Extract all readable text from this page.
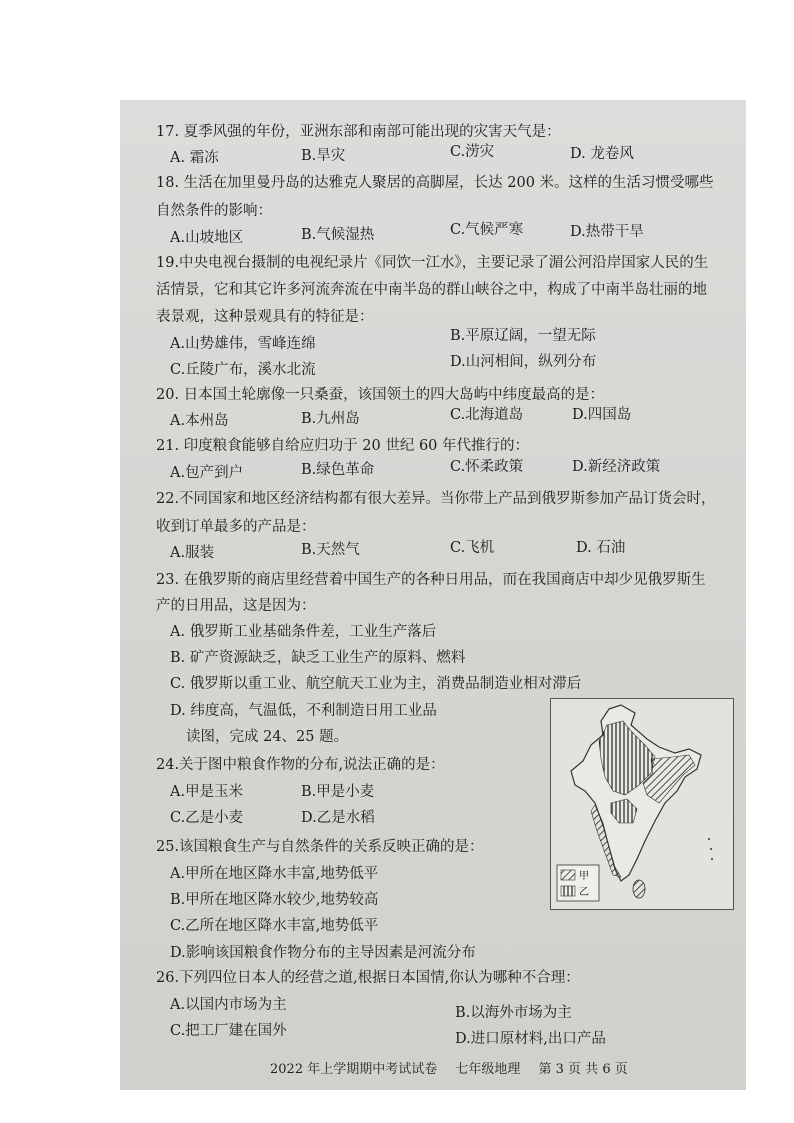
17. 夏季风强的年份，亚洲东部和南部可能出现的灾害天气是：
A. 霜冻	B.旱灾	C.涝灾	D. 龙卷风
18. 生活在加里曼丹岛的达雅克人聚居的高脚屋，长达 200 米。这样的生活习惯受哪些
自然条件的影响：
A.山坡地区	B.气候湿热	C.气候严寒	D.热带干旱
19.中央电视台摄制的电视纪录片《同饮一江水》，主要记录了湄公河沿岸国家人民的生
活情景，它和其它许多河流奔流在中南半岛的群山峡谷之中，构成了中南半岛壮丽的地
表景观，这种景观具有的特征是：
A.山势雄伟，雪峰连绵	B.平原辽阔，一望无际
C.丘陵广布，溪水北流	D.山河相间，纵列分布
20. 日本国土轮廓像一只桑蚕，该国领土的四大岛屿中纬度最高的是：
A.本州岛	B.九州岛	C.北海道岛	D.四国岛
21. 印度粮食能够自给应归功于 20 世纪 60 年代推行的：
A.包产到户	B.绿色革命	C.怀柔政策	D.新经济政策
22.不同国家和地区经济结构都有很大差异。当你带上产品到俄罗斯参加产品订货会时，
收到订单最多的产品是：
A.服装	B.天然气	C.飞机	D. 石油
23. 在俄罗斯的商店里经营着中国生产的各种日用品，而在我国商店中却少见俄罗斯生
产的日用品，这是因为：
A. 俄罗斯工业基础条件差，工业生产落后
B. 矿产资源缺乏，缺乏工业生产的原料、燃料
C. 俄罗斯以重工业、航空航天工业为主，消费品制造业相对滞后
D. 纬度高，气温低，不利制造日用工业品
读图，完成 24、25 题。
24.关于图中粮食作物的分布,说法正确的是：
A.甲是玉米	B.甲是小麦
C.乙是小麦	D.乙是水稻
25.该国粮食生产与自然条件的关系反映正确的是：
A.甲所在地区降水丰富,地势低平
B.甲所在地区降水较少,地势较高
C.乙所在地区降水丰富,地势低平
D.影响该国粮食作物分布的主导因素是河流分布
26.下列四位日本人的经营之道,根据日本国情,你认为哪种不合理：
A.以国内市场为主	B.以海外市场为主
C.把工厂建在国外	D.进口原材料,出口产品
甲
乙
2022 年上学期期中考试试卷 七年级地理 第 3 页 共 6 页
